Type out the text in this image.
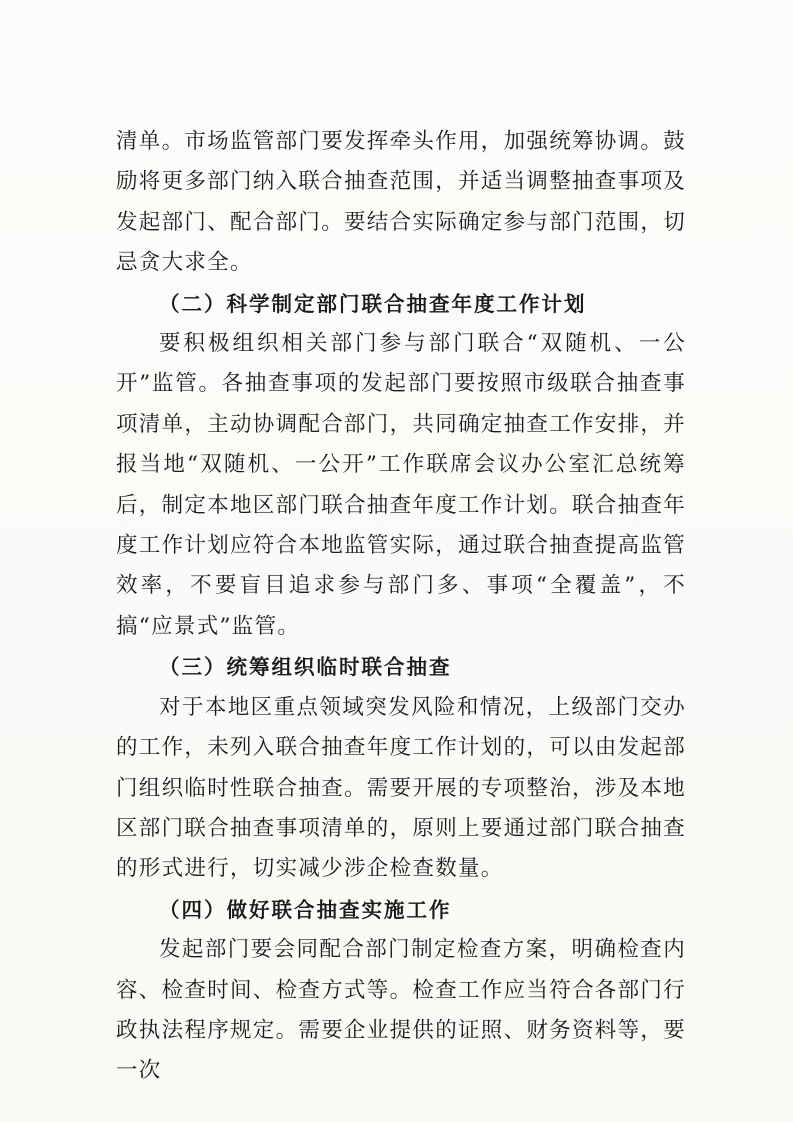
清单。市场监管部门要发挥牵头作用，加强统筹协调。鼓励将更多部门纳入联合抽查范围，并适当调整抽查事项及发起部门、配合部门。要结合实际确定参与部门范围，切忌贪大求全。

（二）科学制定部门联合抽查年度工作计划

要积极组织相关部门参与部门联合“双随机、一公开”监管。各抽查事项的发起部门要按照市级联合抽查事项清单，主动协调配合部门，共同确定抽查工作安排，并报当地“双随机、一公开”工作联席会议办公室汇总统筹后，制定本地区部门联合抽查年度工作计划。联合抽查年度工作计划应符合本地监管实际，通过联合抽查提高监管效率，不要盲目追求参与部门多、事项“全覆盖”，不搞“应景式”监管。

（三）统筹组织临时联合抽查

对于本地区重点领域突发风险和情况，上级部门交办的工作，未列入联合抽查年度工作计划的，可以由发起部门组织临时性联合抽查。需要开展的专项整治，涉及本地区部门联合抽查事项清单的，原则上要通过部门联合抽查的形式进行，切实减少涉企检查数量。

（四）做好联合抽查实施工作

发起部门要会同配合部门制定检查方案，明确检查内容、检查时间、检查方式等。检查工作应当符合各部门行政执法程序规定。需要企业提供的证照、财务资料等，要一次
